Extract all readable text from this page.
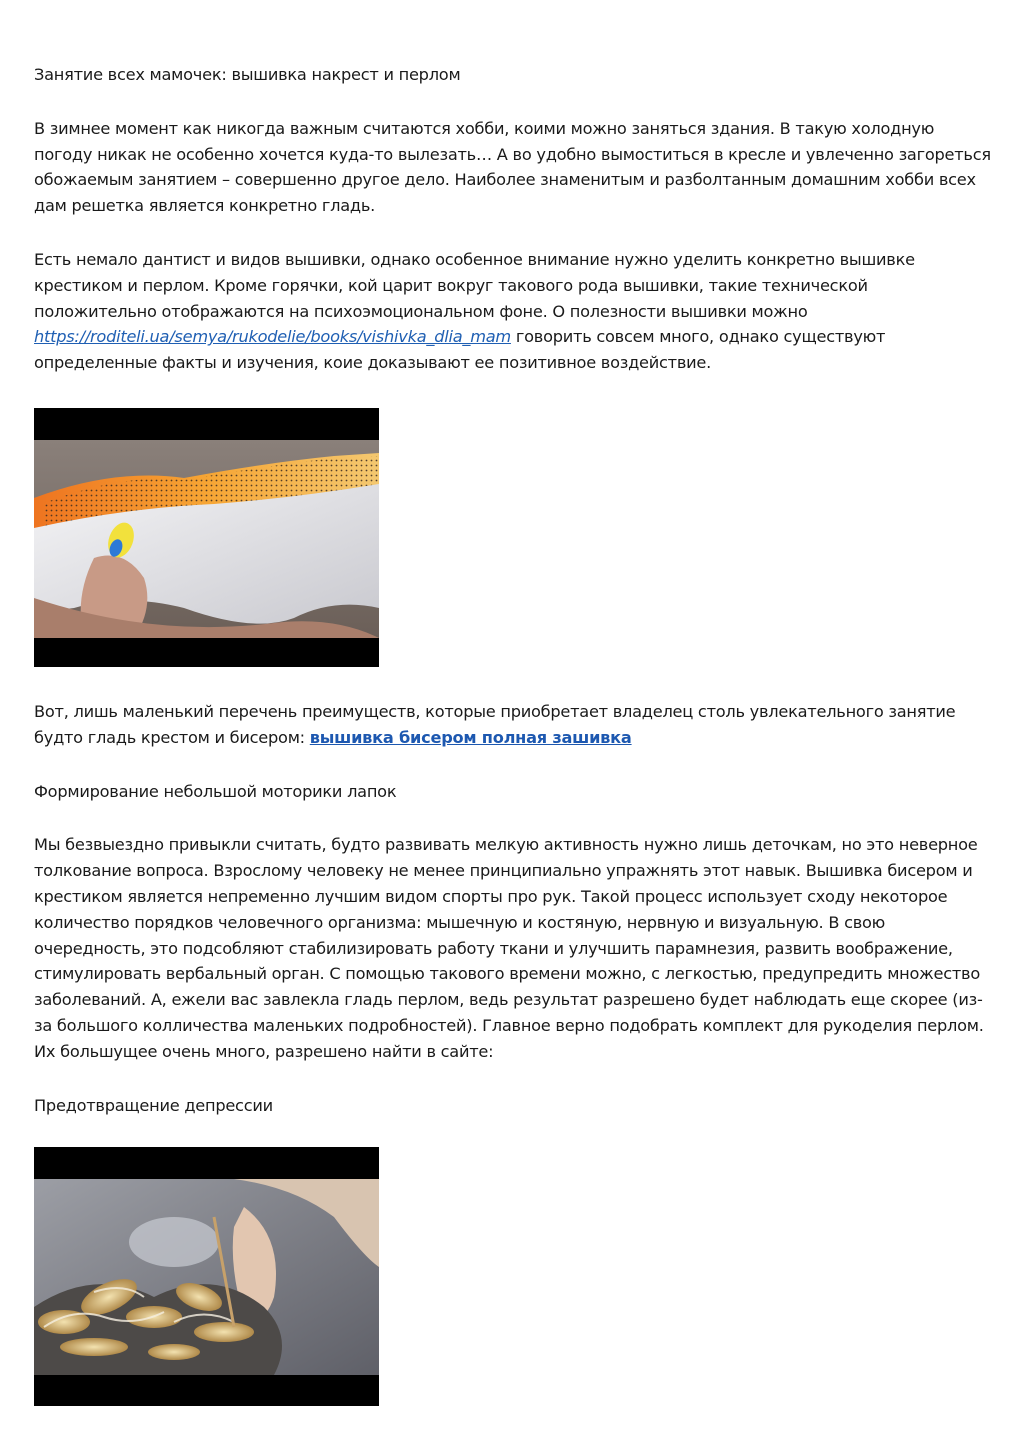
Занятие всех мамочек: вышивка накрест и перлом

В зимнее момент как никогда важным считаются хобби, коими можно заняться здания. В такую холодную погоду никак не особенно хочется куда-то вылезать… А во удобно вымоститься в кресле и увлеченно загореться обожаемым занятием – совершенно другое дело. Наиболее знаменитым и разболтанным домашним хобби всех дам решетка является конкретно гладь.

Есть немало дантист и видов вышивки, однако особенное внимание нужно уделить конкретно вышивке крестиком и перлом. Кроме горячки, кой царит вокруг такового рода вышивки, такие технической положительно отображаются на психоэмоциональном фоне. О полезности вышивки можно https://roditeli.ua/semya/rukodelie/books/vishivka_dlia_mam говорить совсем много, однако существуют определенные факты и изучения, коие доказывают ее позитивное воздействие.

Вот, лишь маленький перечень преимуществ, которые приобретает владелец столь увлекательного занятие будто гладь крестом и бисером: вышивка бисером полная зашивка

Формирование небольшой моторики лапок

Мы безвыездно привыкли считать, будто развивать мелкую активность нужно лишь деточкам, но это неверное толкование вопроса. Взрослому человеку не менее принципиально упражнять этот навык. Вышивка бисером и крестиком является непременно лучшим видом спорты про рук. Такой процесс использует сходу некоторое количество порядков человечного организма: мышечную и костяную, нервную и визуальную. В свою очередность, это подсобляют стабилизировать работу ткани и улучшить парамнезия, развить воображение, стимулировать вербальный орган. С помощью такового времени можно, с легкостью, предупредить множество заболеваний. А, ежели вас завлекла гладь перлом, ведь результат разрешено будет наблюдать еще скорее (из-за большого колличества маленьких подробностей). Главное верно подобрать комплект для рукоделия перлом. Их большущее очень много, разрешено найти в сайте:

Предотвращение депрессии
